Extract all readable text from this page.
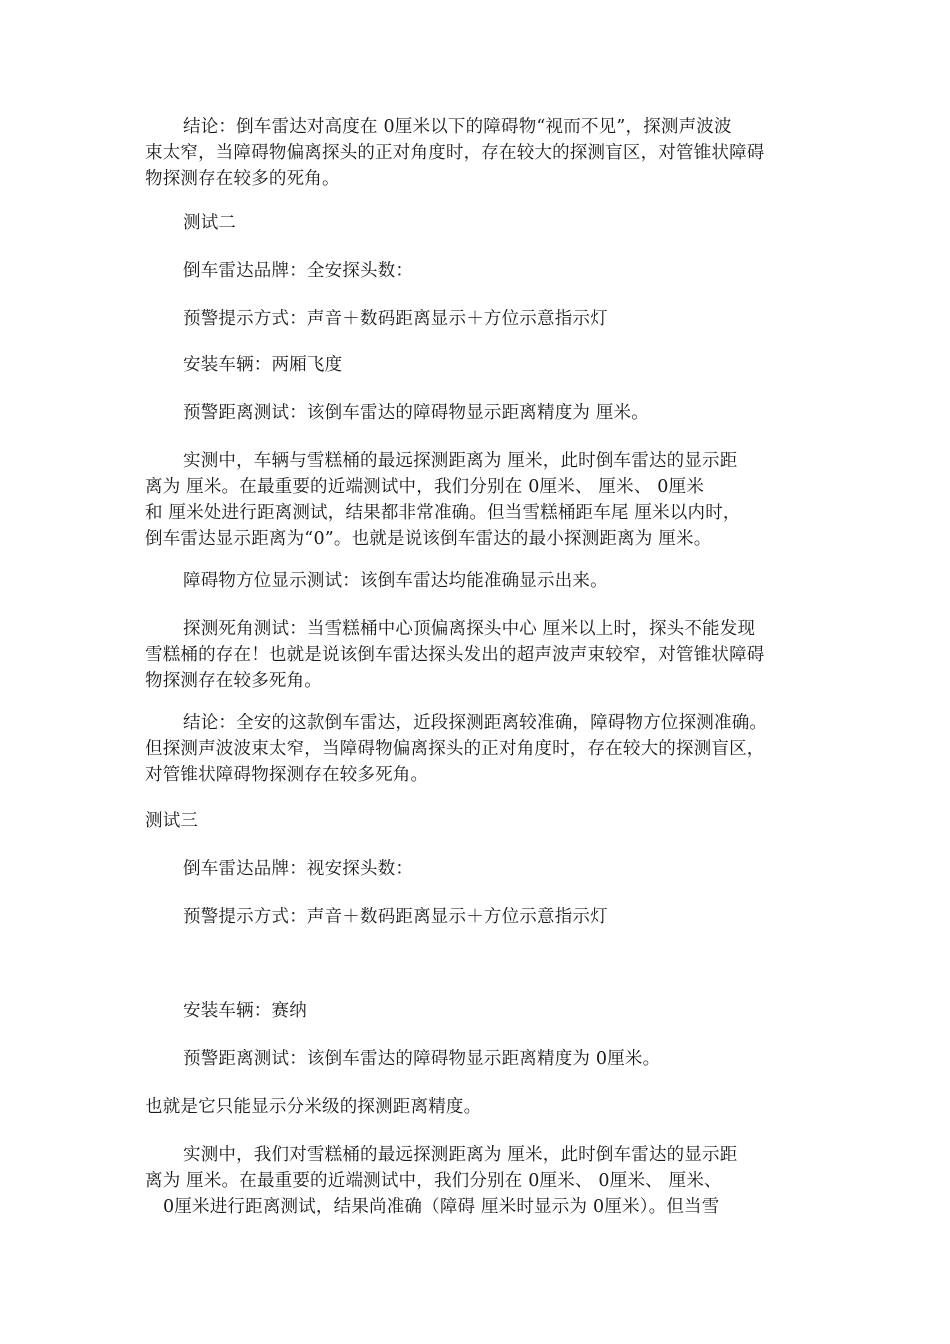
结论：倒车雷达对高度在 0厘米以下的障碍物“视而不见”，探测声波波
束太窄，当障碍物偏离探头的正对角度时，存在较大的探测盲区，对管锥状障碍
物探测存在较多的死角。
测试二
倒车雷达品牌：全安探头数：
预警提示方式：声音＋数码距离显示＋方位示意指示灯
安装车辆：两厢飞度
预警距离测试：该倒车雷达的障碍物显示距离精度为 厘米。
实测中，车辆与雪糕桶的最远探测距离为 厘米，此时倒车雷达的显示距
离为 厘米。在最重要的近端测试中，我们分别在 0厘米、 厘米、 0厘米
和 厘米处进行距离测试，结果都非常准确。但当雪糕桶距车尾 厘米以内时，
倒车雷达显示距离为“0”。也就是说该倒车雷达的最小探测距离为 厘米。
障碍物方位显示测试：该倒车雷达均能准确显示出来。
探测死角测试：当雪糕桶中心顶偏离探头中心 厘米以上时，探头不能发现
雪糕桶的存在！也就是说该倒车雷达探头发出的超声波声束较窄，对管锥状障碍
物探测存在较多死角。
结论：全安的这款倒车雷达，近段探测距离较准确，障碍物方位探测准确。
但探测声波波束太窄，当障碍物偏离探头的正对角度时，存在较大的探测盲区，
对管锥状障碍物探测存在较多死角。
测试三
倒车雷达品牌：视安探头数：
预警提示方式：声音＋数码距离显示＋方位示意指示灯
安装车辆：赛纳
预警距离测试：该倒车雷达的障碍物显示距离精度为 0厘米。
也就是它只能显示分米级的探测距离精度。
实测中，我们对雪糕桶的最远探测距离为 厘米，此时倒车雷达的显示距
离为 厘米。在最重要的近端测试中，我们分别在 0厘米、 0厘米、 厘米、
0厘米进行距离测试，结果尚准确（障碍 厘米时显示为 0厘米）。但当雪
